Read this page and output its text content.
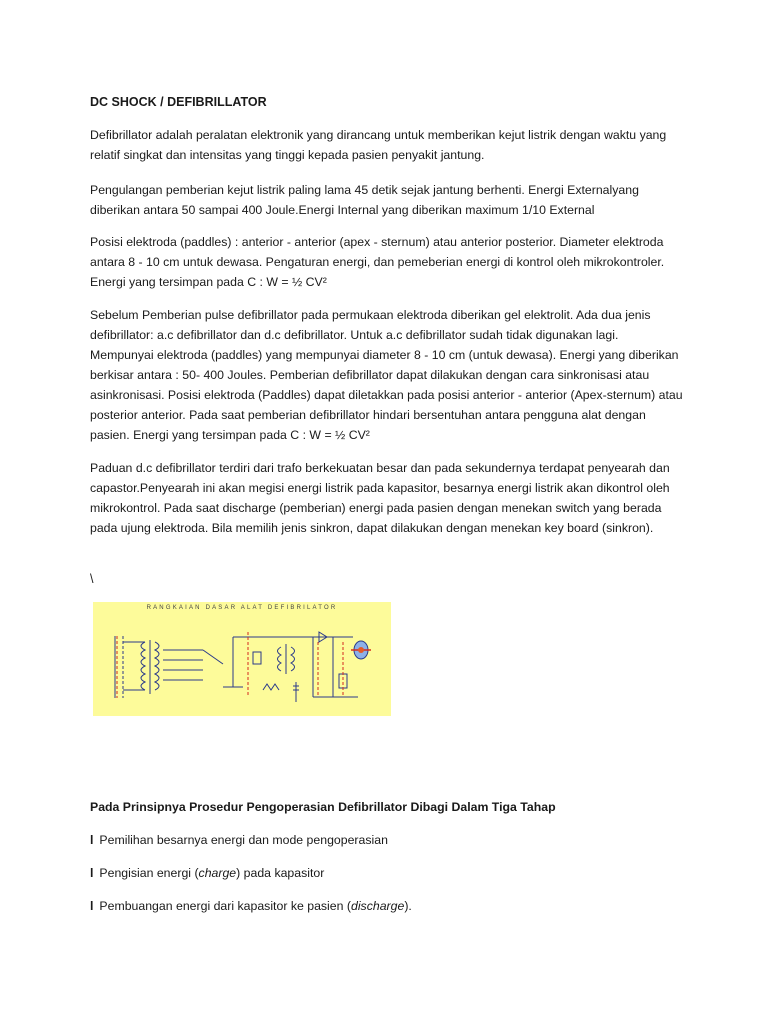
DC SHOCK / DEFIBRILLATOR

Defibrillator adalah peralatan elektronik yang dirancang untuk memberikan kejut listrik dengan waktu yang relatif singkat dan intensitas yang tinggi kepada pasien penyakit jantung.

Pengulangan pemberian kejut listrik paling lama 45 detik sejak jantung berhenti. Energi Externalyang diberikan antara 50 sampai 400 Joule.Energi Internal yang diberikan maximum 1/10 External

Posisi elektroda (paddles) : anterior - anterior (apex - sternum) atau anterior posterior. Diameter elektroda antara 8 - 10 cm untuk dewasa. Pengaturan energi, dan pemeberian energi di kontrol oleh mikrokontroler. Energi yang tersimpan pada C : W = ½ CV²

Sebelum Pemberian pulse defibrillator pada permukaan elektroda diberikan gel elektrolit. Ada dua jenis defibrillator: a.c defibrillator dan d.c defibrillator. Untuk a.c defibrillator sudah tidak digunakan lagi. Mempunyai elektroda (paddles) yang mempunyai diameter 8 - 10 cm (untuk dewasa). Energi yang diberikan berkisar antara : 50- 400 Joules. Pemberian defibrillator dapat dilakukan dengan cara sinkronisasi atau asinkronisasi. Posisi elektroda (Paddles) dapat diletakkan pada posisi anterior - anterior (Apex-sternum) atau posterior anterior. Pada saat pemberian defibrillator hindari bersentuhan antara pengguna alat dengan pasien. Energi yang tersimpan pada C : W = ½ CV²

Paduan d.c defibrillator terdiri dari trafo berkekuatan besar dan pada sekundernya terdapat penyearah dan capastor.Penyearah ini akan megisi energi listrik pada kapasitor, besarnya energi listrik akan dikontrol oleh mikrokontrol. Pada saat discharge (pemberian) energi pada pasien dengan menekan switch yang berada pada ujung elektroda. Bila memilih jenis sinkron, dapat dilakukan dengan menekan key board (sinkron).

\
RANGKAIAN DASAR ALAT DEFIBRILATOR
Pada Prinsipnya Prosedur Pengoperasian Defibrillator Dibagi Dalam Tiga Tahap
l Pemilihan besarnya energi dan mode pengoperasian
l Pengisian energi (charge) pada kapasitor
l Pembuangan energi dari kapasitor ke pasien (discharge).
